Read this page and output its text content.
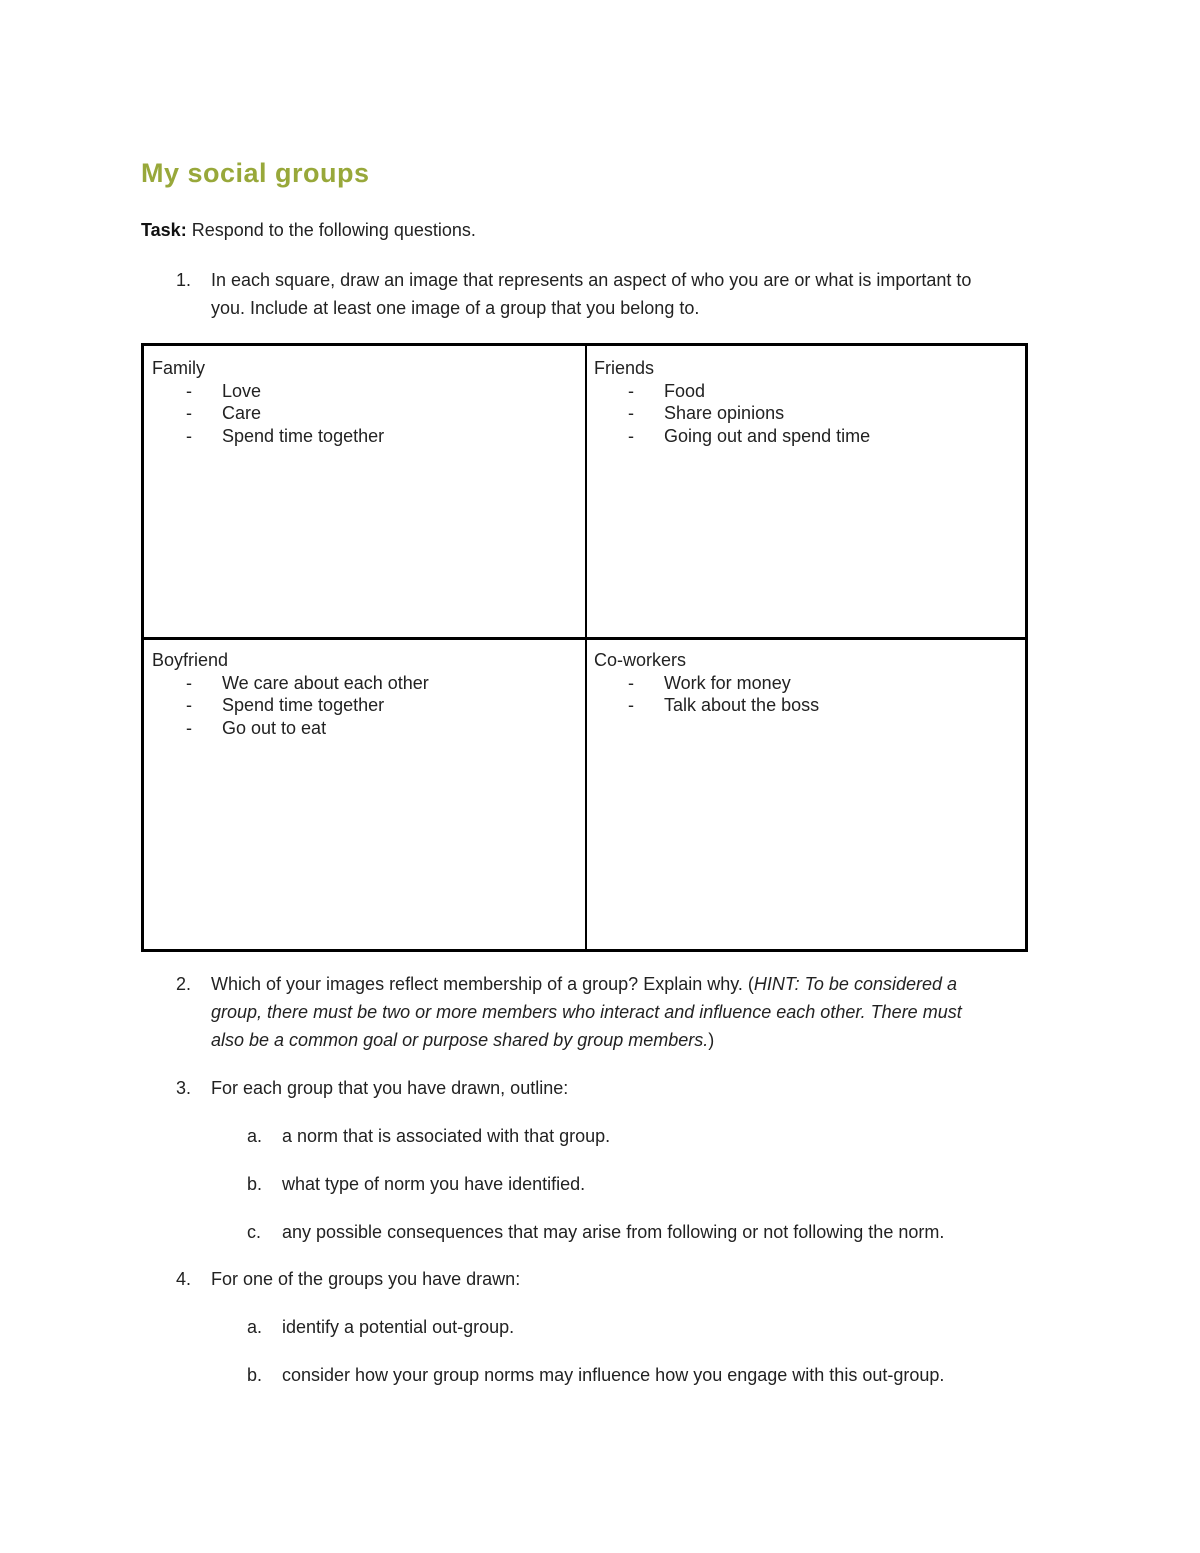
My social groups
Task: Respond to the following questions.
1. In each square, draw an image that represents an aspect of who you are or what is important to
you. Include at least one image of a group that you belong to.
Family
- Love
- Care
- Spend time together
Friends
- Food
- Share opinions
- Going out and spend time
Boyfriend
- We care about each other
- Spend time together
- Go out to eat
Co-workers
- Work for money
- Talk about the boss
2. Which of your images reflect membership of a group? Explain why. (HINT: To be considered a
group, there must be two or more members who interact and influence each other. There must
also be a common goal or purpose shared by group members.)
3. For each group that you have drawn, outline:
a. a norm that is associated with that group.
b. what type of norm you have identified.
c. any possible consequences that may arise from following or not following the norm.
4. For one of the groups you have drawn:
a. identify a potential out-group.
b. consider how your group norms may influence how you engage with this out-group.
